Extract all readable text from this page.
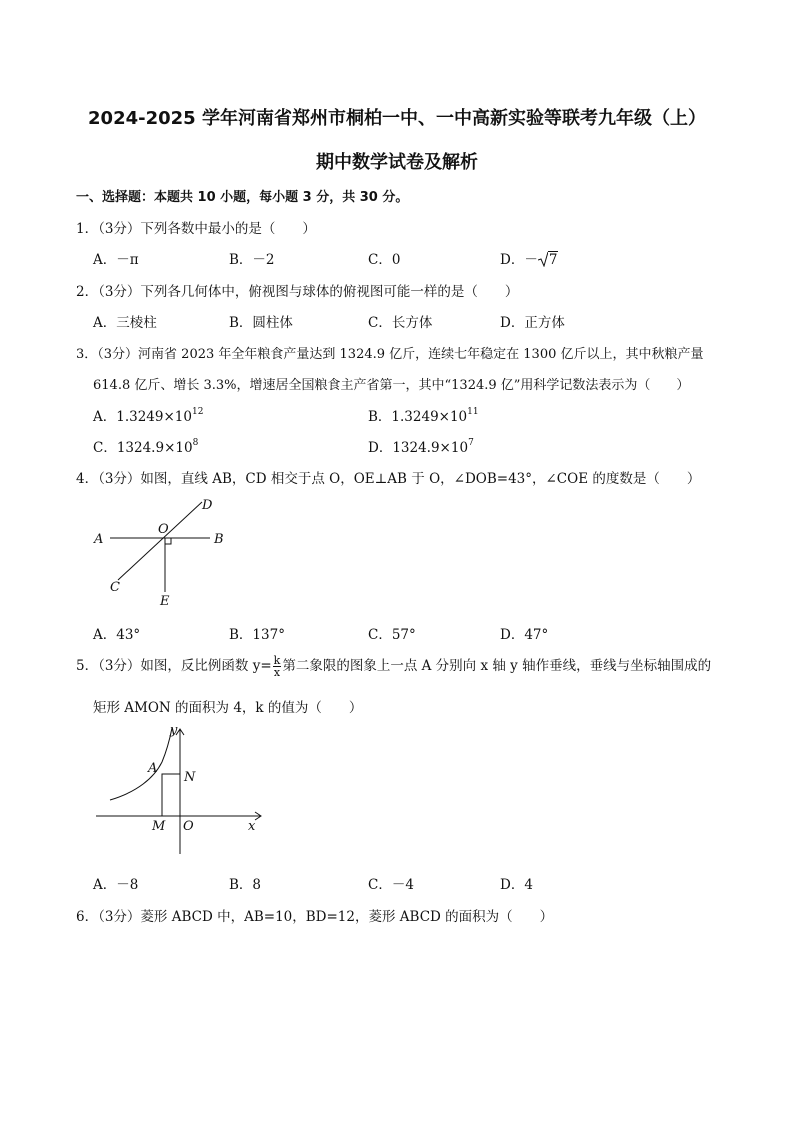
2024-2025 学年河南省郑州市桐柏一中、一中高新实验等联考九年级（上）
期中数学试卷及解析
一、选择题：本题共 10 小题，每小题 3 分，共 30 分。
1．（3分）下列各数中最小的是（　　）
A．－π	B．－2	C．0	D．－ 7
2．（3分）下列各几何体中，俯视图与球体的俯视图可能一样的是（　　）
A．三棱柱	B．圆柱体	C．长方体	D．正方体
3．（3分）河南省 2023 年全年粮食产量达到 1324.9 亿斤，连续七年稳定在 1300 亿斤以上，其中秋粮产量
614.8 亿斤、增长 3.3%，增速居全国粮食主产省第一，其中“1324.9 亿”用科学记数法表示为（　　）
A．$1.3249\times 10^{12}$	B．$1.3249\times 10^{11}$
C．$1324.9\times 10^8$	D．$1324.9\times 10^7$
4．（3分）如图，直线 AB，CD 相交于点 O，OE⊥AB 于 O，∠DOB=43°，∠COE 的度数是（　　）
A	B
C
D
O
E
A．43°	B．137°	C．57°	D．47°
5．（3分）如图，反比例函数 $y= \frac{k}{x}$ 第二象限的图象上一点 A 分别向 x 轴 y 轴作垂线，垂线与坐标轴围成的
矩形 AMON 的面积为 4，k 的值为（　　）
y
x
A
N
M O
A．－8	B．8	C．－4	D．4
6．（3分）菱形 ABCD 中，AB=10，BD=12，菱形 ABCD 的面积为（　　）
